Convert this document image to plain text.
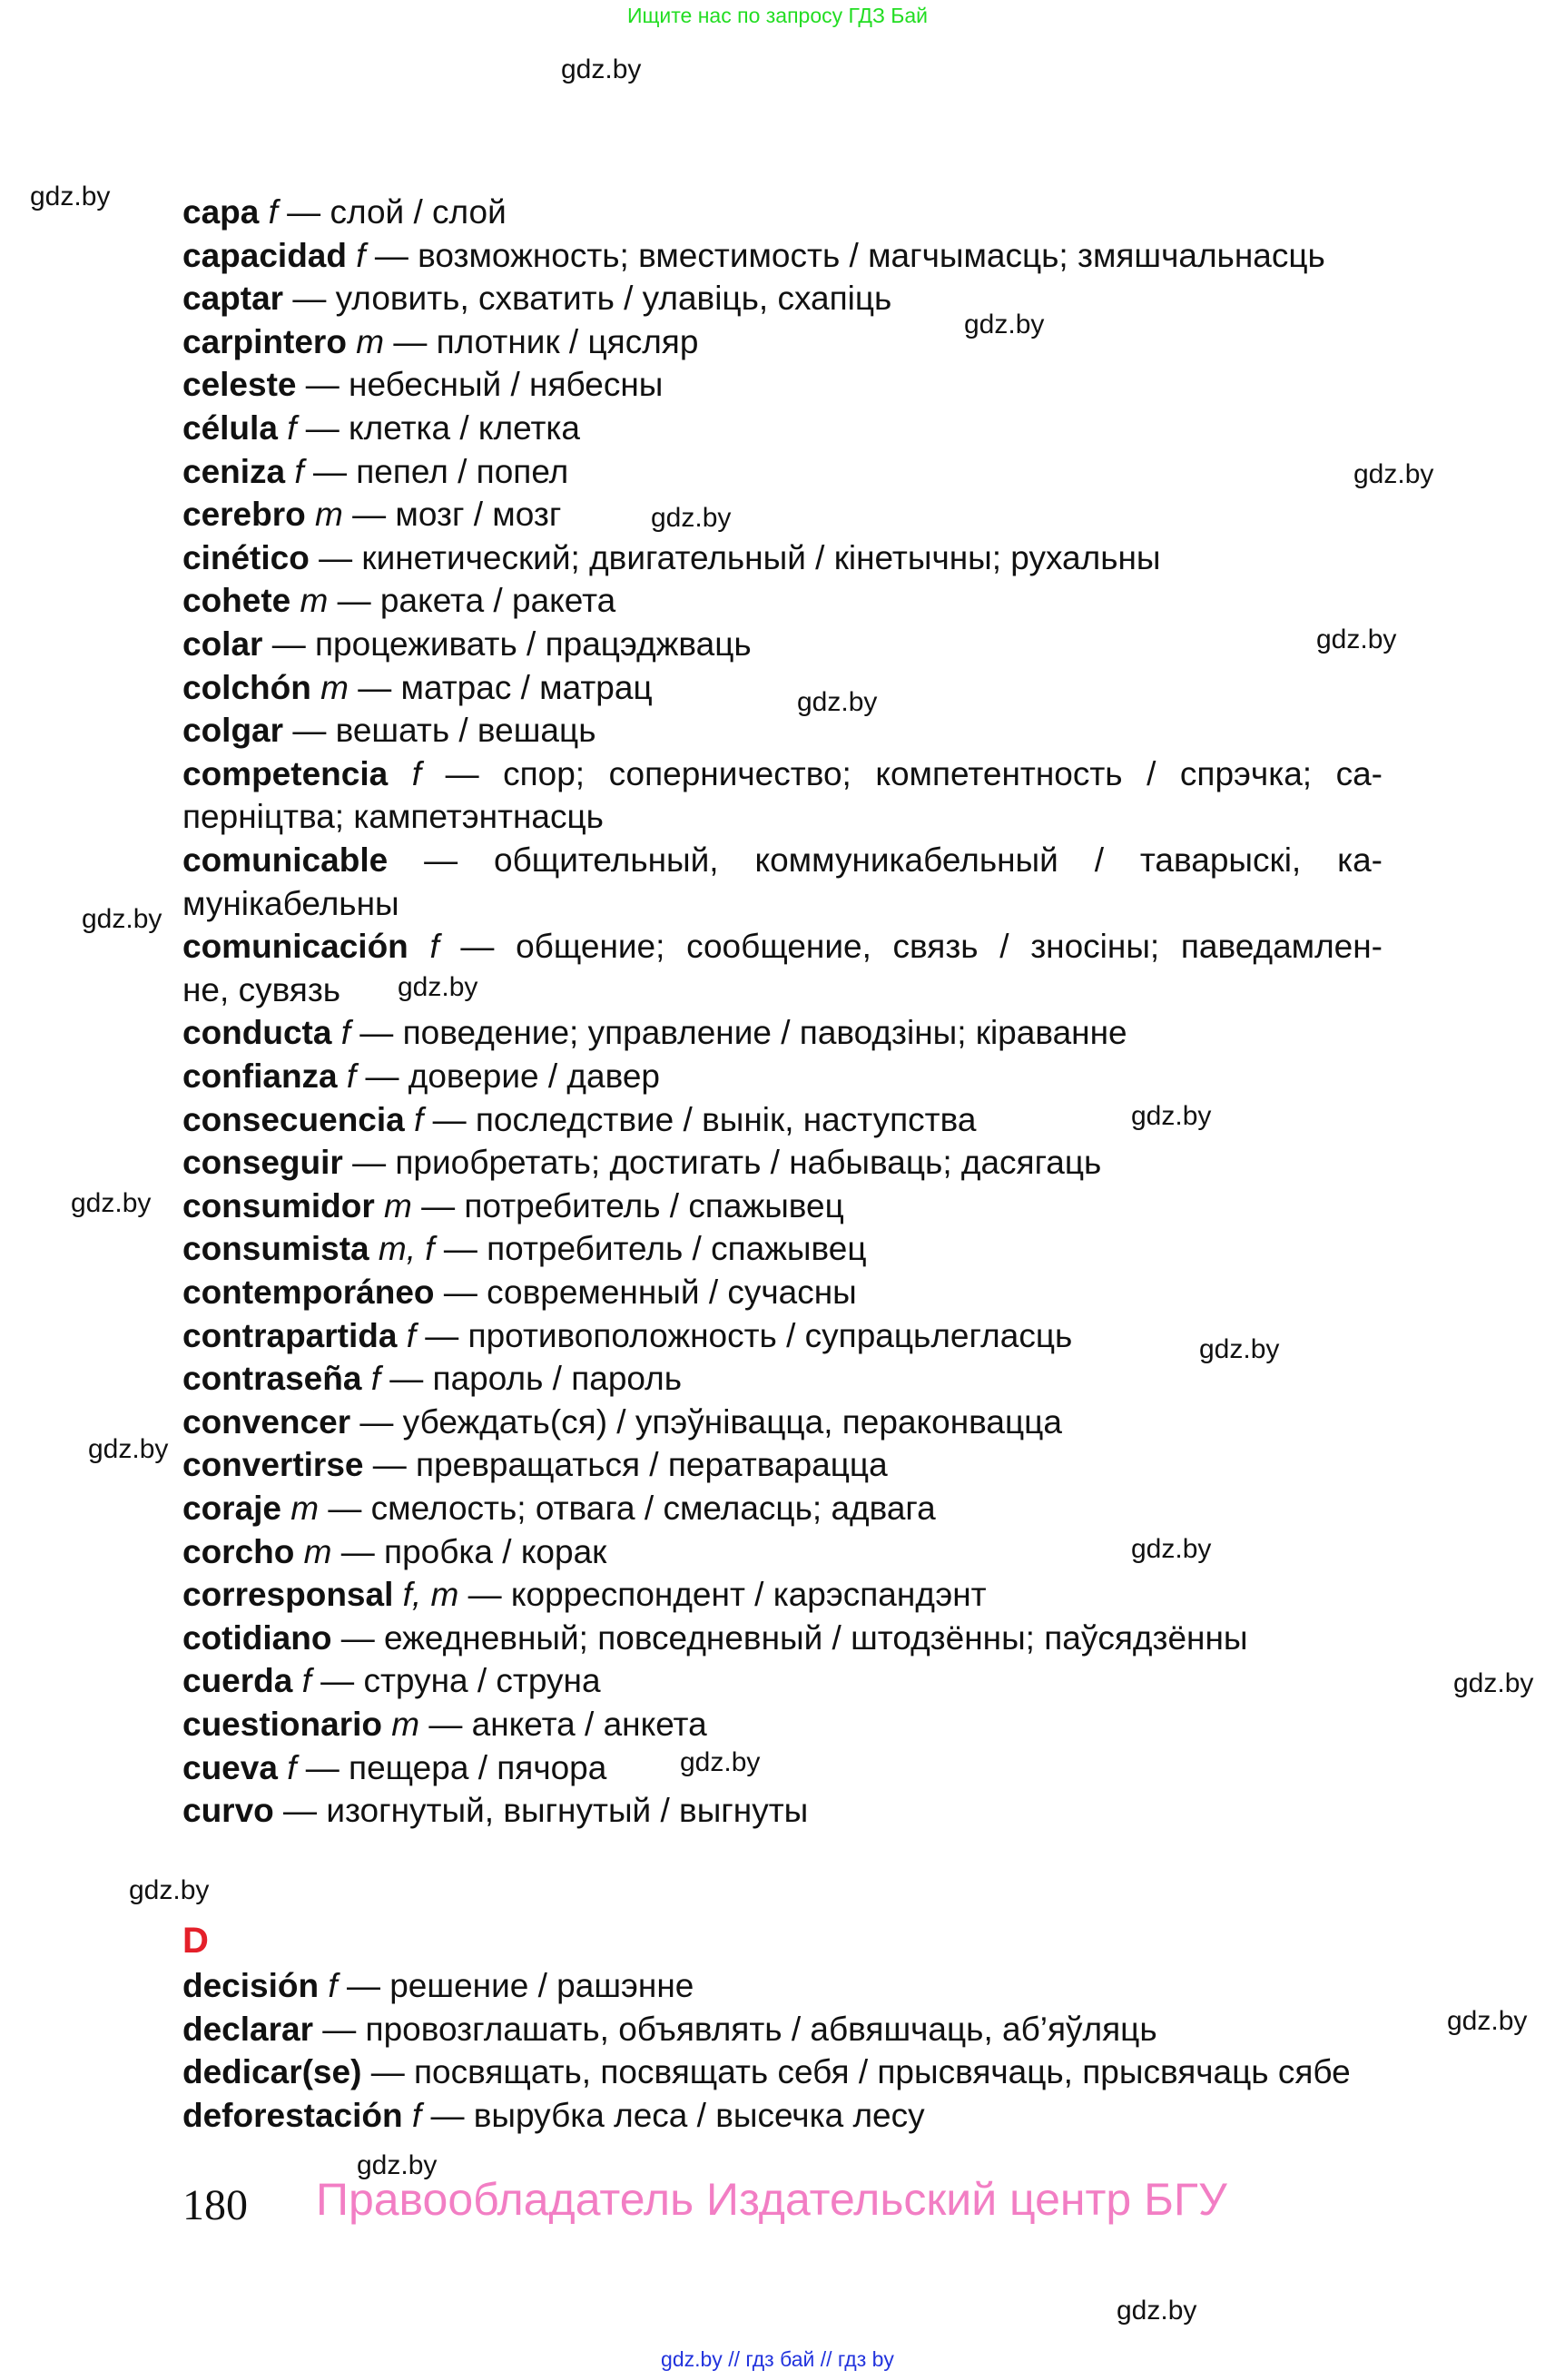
Ищите нас по запросу ГДЗ Бай
capa f — слой / слой
capacidad f — возможность; вместимость / магчымасць; змяшчальнасць
captar — уловить, схватить / улавіць, схапіць
carpintero m — плотник / цясляр
celeste — небесный / нябесны
célula f — клетка / клетка
ceniza f — пепел / попел
cerebro m — мозг / мозг
cinético — кинетический; двигательный / кінетычны; рухальны
cohete m — ракета / ракета
colar — процеживать / працэджваць
colchón m — матрас / матрац
colgar — вешать / вешаць
competencia f — спор; соперничество; компетентность / спрэчка; са-
перніцтва; кампетэнтнасць
comunicable — общительный, коммуникабельный / таварыскі, ка-
мунікабельны
comunicación f — общение; сообщение, связь / зносіны; паведамлен-
не, сувязь
conducta f — поведение; управление / паводзіны; кіраванне
confianza f — доверие / давер
consecuencia f — последствие / вынік, наступства
conseguir — приобретать; достигать / набываць; дасягаць
consumidor m — потребитель / спажывец
consumista m, f — потребитель / спажывец
contemporáneo — современный / сучасны
contrapartida f — противоположность / супрацьлегласць
contraseña f — пароль / пароль
convencer — убеждать(ся) / упэўнівацца, пераконвацца
convertirse — превращаться / ператварацца
coraje m — смелость; отвага / смеласць; адвага
corcho m — пробка / корак
corresponsal f, m — корреспондент / карэспандэнт
cotidiano — ежедневный; повседневный / штодзённы; паўсядзённы
cuerda f — струна / струна
cuestionario m — анкета / анкета
cueva f — пещера / пячора
curvo — изогнутый, выгнутый / выгнуты
decisión f — решение / рашэнне
declarar — провозглашать, объявлять / абвяшчаць, аб’яўляць
dedicar(se) — посвящать, посвящать себя / прысвячаць, прысвячаць сябе
deforestación f — вырубка леса / высечка лесу
D
gdz.by
gdz.by
gdz.by
gdz.by
gdz.by
gdz.by
gdz.by
gdz.by
gdz.by
gdz.by
gdz.by
gdz.by
gdz.by
gdz.by
gdz.by
gdz.by
gdz.by
gdz.by
gdz.by
gdz.by
180 Правообладатель Издательский центр БГУ
gdz.by // гдз бай // гдз by
